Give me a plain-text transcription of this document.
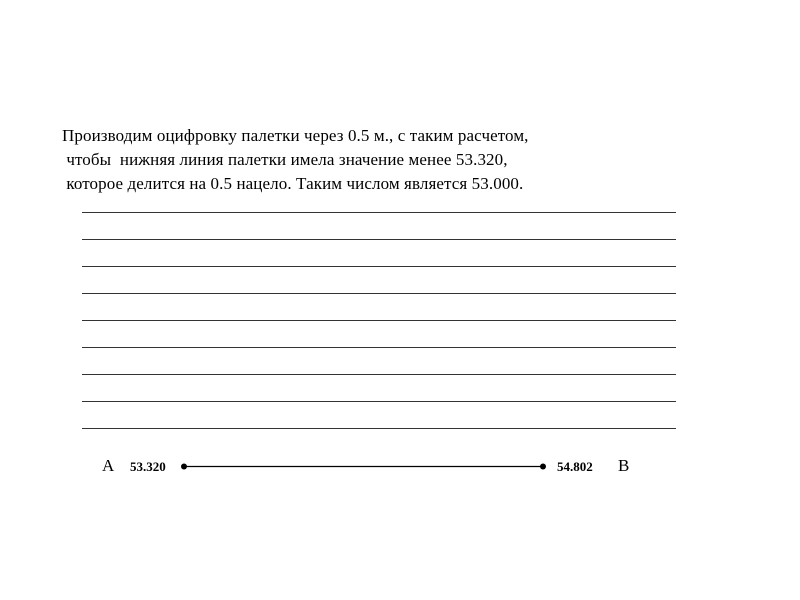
Производим оцифровку палетки через 0.5 м., с таким расчетом,
чтобы  нижняя линия палетки имела значение менее 53.320,
которое делится на 0.5 нацело. Таким числом является 53.000.
A 53.320	54.802 B
